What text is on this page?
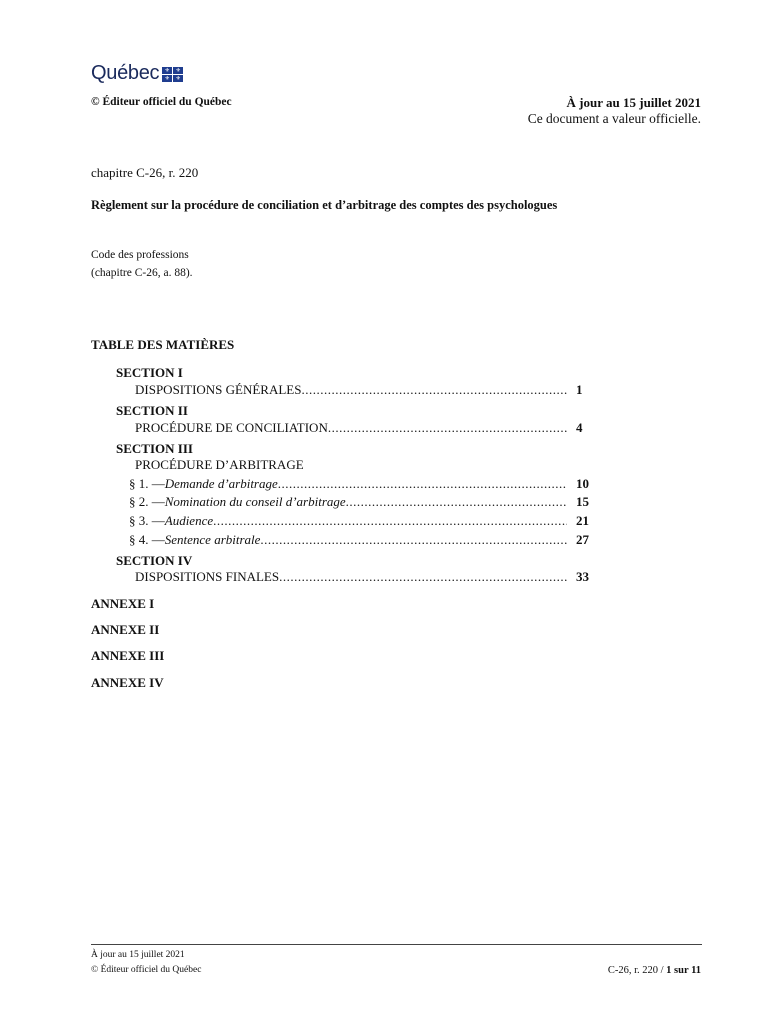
Québec ⚜ ⚜
⚜ ⚜
© Éditeur officiel du Québec	À jour au 15 juillet 2021
Ce document a valeur officielle.
chapitre C-26, r. 220
Règlement sur la procédure de conciliation et d’arbitrage des comptes des psychologues
Code des professions
(chapitre C-26, a. 88).
TABLE DES MATIÈRES
SECTION I
DISPOSITIONS GÉNÉRALES .....	1
SECTION II
PROCÉDURE DE CONCILIATION .....	4
SECTION III
PROCÉDURE D’ARBITRAGE
§ 1. — Demande d’arbitrage .....	10
§ 2. — Nomination du conseil d’arbitrage .....	15
§ 3. — Audience .....	21
§ 4. — Sentence arbitrale .....	27
SECTION IV
DISPOSITIONS FINALES .....	33
ANNEXE I
ANNEXE II
ANNEXE III
ANNEXE IV
À jour au 15 juillet 2021
© Éditeur officiel du Québec	C-26, r. 220 / 1 sur 11
